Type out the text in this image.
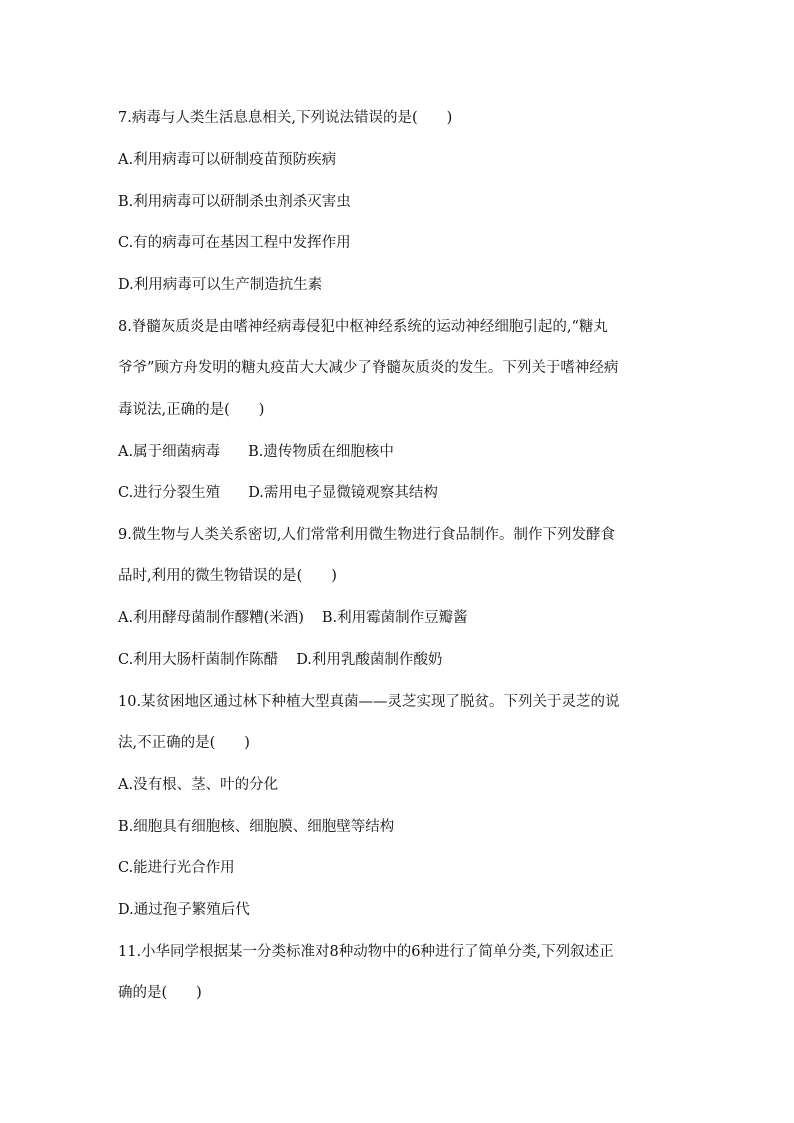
7.病毒与人类生活息息相关,下列说法错误的是(　　)
A.利用病毒可以研制疫苗预防疾病
B.利用病毒可以研制杀虫剂杀灭害虫
C.有的病毒可在基因工程中发挥作用
D.利用病毒可以生产制造抗生素
8.脊髓灰质炎是由嗜神经病毒侵犯中枢神经系统的运动神经细胞引起的,“糖丸
爷爷”顾方舟发明的糖丸疫苗大大减少了脊髓灰质炎的发生。下列关于嗜神经病
毒说法,正确的是(　　)
A.属于细菌病毒 B.遗传物质在细胞核中
C.进行分裂生殖 D.需用电子显微镜观察其结构
9.微生物与人类关系密切,人们常常利用微生物进行食品制作。制作下列发酵食
品时,利用的微生物错误的是(　　)
A.利用酵母菌制作醪糟(米酒) B.利用霉菌制作豆瓣酱
C.利用大肠杆菌制作陈醋 D.利用乳酸菌制作酸奶
10.某贫困地区通过林下种植大型真菌——灵芝实现了脱贫。下列关于灵芝的说
法,不正确的是(　　)
A.没有根、茎、叶的分化
B.细胞具有细胞核、细胞膜、细胞壁等结构
C.能进行光合作用
D.通过孢子繁殖后代
11.小华同学根据某一分类标准对8种动物中的6种进行了简单分类,下列叙述正
确的是(　　)
